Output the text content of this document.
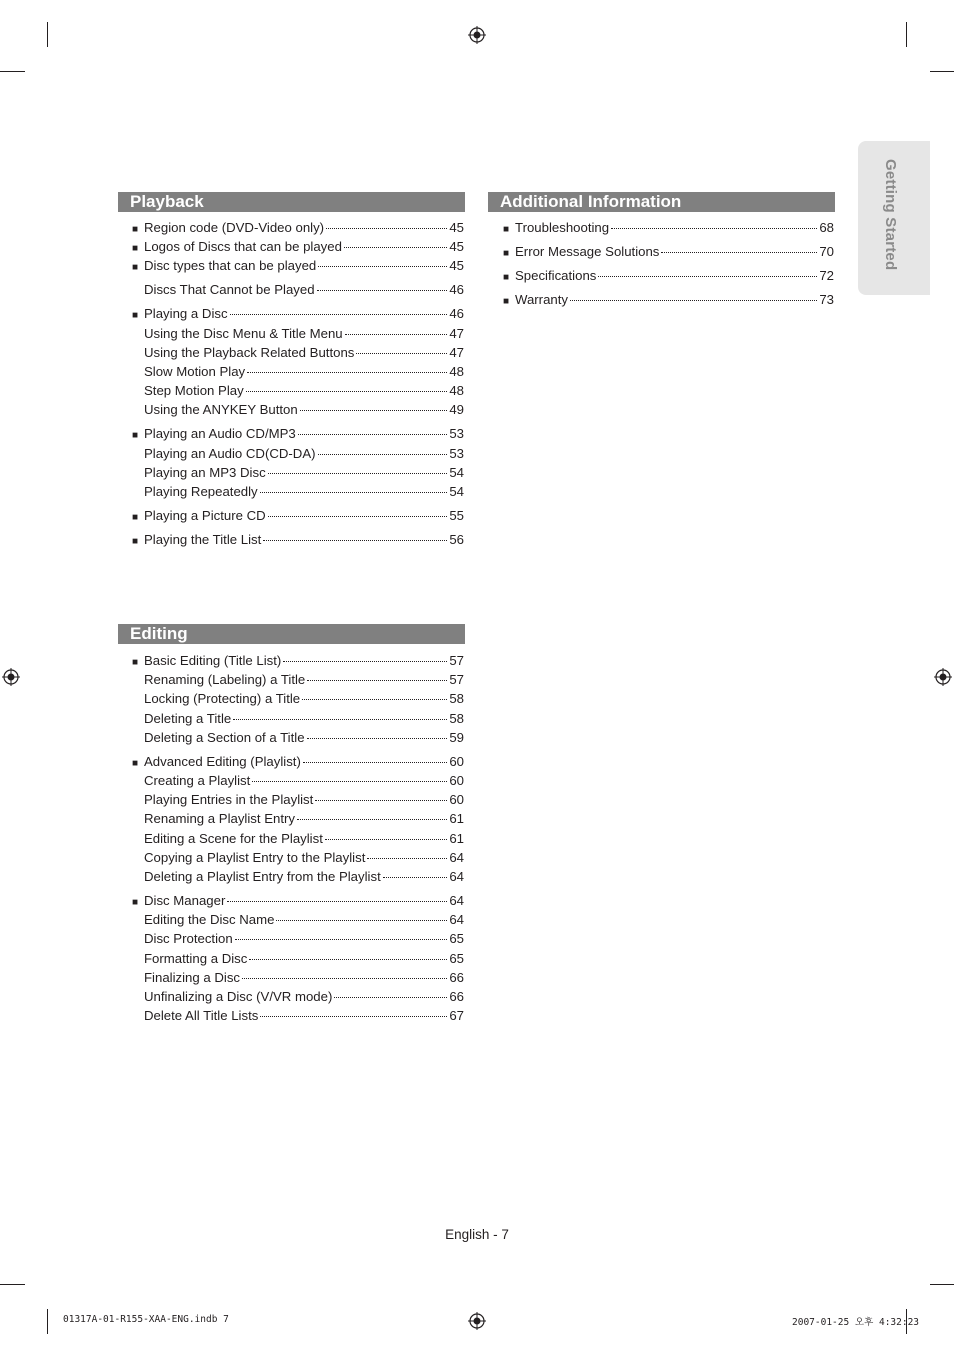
Getting Started
Playback
■ Region code (DVD-Video only)	45
■ Logos of Discs that can be played	45
■ Disc types that can be played	45
Discs That Cannot be Played	46
■ Playing a Disc	46
Using the Disc Menu & Title Menu	47
Using the Playback Related Buttons	47
Slow Motion Play	48
Step Motion Play	48
Using the ANYKEY Button	49
■ Playing an Audio CD/MP3	53
Playing an Audio CD(CD-DA)	53
Playing an MP3 Disc	54
Playing Repeatedly	54
■ Playing a Picture CD	55
■ Playing the Title List	56
Editing
■ Basic Editing (Title List)	57
Renaming (Labeling) a Title	57
Locking (Protecting) a Title	58
Deleting a Title	58
Deleting a Section of a Title	59
■ Advanced Editing (Playlist)	60
Creating a Playlist	60
Playing Entries in the Playlist	60
Renaming a Playlist Entry	61
Editing a Scene for the Playlist	61
Copying a Playlist Entry to the Playlist	64
Deleting a Playlist Entry from the Playlist	64
■ Disc Manager	64
Editing the Disc Name	64
Disc Protection	65
Formatting a Disc	65
Finalizing a Disc	66
Unfinalizing a Disc (V/VR mode)	66
Delete All Title Lists	67
Additional Information
■ Troubleshooting	68
■ Error Message Solutions	70
■ Specifications	72
■ Warranty	73
English - 7
01317A-01-R155-XAA-ENG.indb 7	2007-01-25 오후 4:32:23
